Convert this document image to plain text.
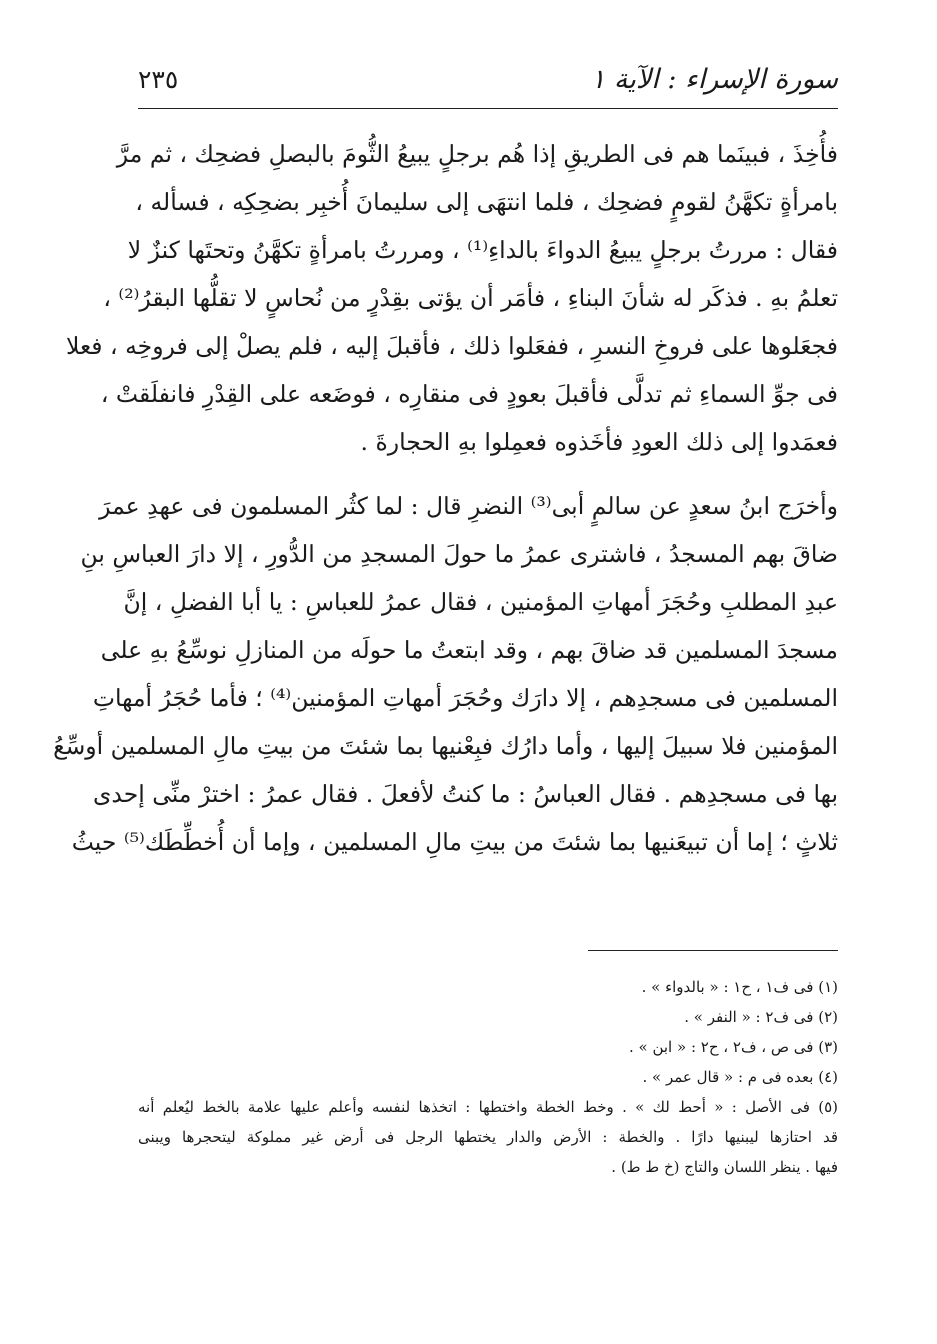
سورة الإسراء : الآية ١
٢٣٥
فأُخِذَ ، فبينَما هم فى الطريقِ إذا هُم برجلٍ يبيعُ الثُّومَ بالبصلِ فضحِك ، ثم مرَّ
بامرأةٍ تكهَّنُ لقومٍ فضحِك ، فلما انتهَى إلى سليمانَ أُخبِر بضحِكِه ، فسأله ،
فقال : مررتُ برجلٍ يبيعُ الدواءَ بالداءِ⁽¹⁾ ، ومررتُ بامرأةٍ تكهَّنُ وتحتَها كنزٌ لا
تعلمُ بهِ . فذكَر له شأنَ البناءِ ، فأمَر أن يؤتى بقِدْرٍ من نُحاسٍ لا تقلُّها البقرُ⁽²⁾ ،
فجعَلوها على فروخِ النسرِ ، ففعَلوا ذلك ، فأقبلَ إليه ، فلم يصلْ إلى فروخِه ، فعلا
فى جوِّ السماءِ ثم تدلَّى فأقبلَ بعودٍ فى منقارِه ، فوضَعه على القِدْرِ فانفلَقتْ ،
فعمَدوا إلى ذلك العودِ فأخَذوه فعمِلوا بهِ الحجارةَ .
وأخرَج ابنُ سعدٍ عن سالمٍ أبى⁽³⁾ النضرِ قال : لما كثُر المسلمون فى عهدِ عمرَ
ضاقَ بهم المسجدُ ، فاشترى عمرُ ما حولَ المسجدِ من الدُّورِ ، إلا دارَ العباسِ بنِ
عبدِ المطلبِ وحُجَرَ أمهاتِ المؤمنين ، فقال عمرُ للعباسِ : يا أبا الفضلِ ، إنَّ
مسجدَ المسلمين قد ضاقَ بهم ، وقد ابتعتُ ما حولَه من المنازلِ نوسِّعُ بهِ على
المسلمين فى مسجدِهم ، إلا دارَك وحُجَرَ أمهاتِ المؤمنين⁽⁴⁾ ؛ فأما حُجَرُ أمهاتِ
المؤمنين فلا سبيلَ إليها ، وأما دارُك فبِعْنيها بما شئتَ من بيتِ مالِ المسلمين أوسِّعُ
بها فى مسجدِهم . فقال العباسُ : ما كنتُ لأفعلَ . فقال عمرُ : اخترْ منِّى إحدى
ثلاثٍ ؛ إما أن تبيعَنيها بما شئتَ من بيتِ مالِ المسلمين ، وإما أن أُخطِّطَك⁽⁵⁾ حيثُ
(١) فى ف١ ، ح١ : « بالدواء » .
(٢) فى ف٢ : « النفر » .
(٣) فى ص ، ف٢ ، ح٢ : « ابن » .
(٤) بعده فى م : « قال عمر » .
(٥) فى الأصل : « أحط لك » . وخط الخطة واختطها : اتخذها لنفسه وأعلم عليها علامة بالخط ليُعلم أنه
قد احتازها ليبنيها دارًا . والخطة : الأرض والدار يختطها الرجل فى أرض غير مملوكة ليتحجرها ويبنى
فيها . ينظر اللسان والتاج (خ ط ط) .
